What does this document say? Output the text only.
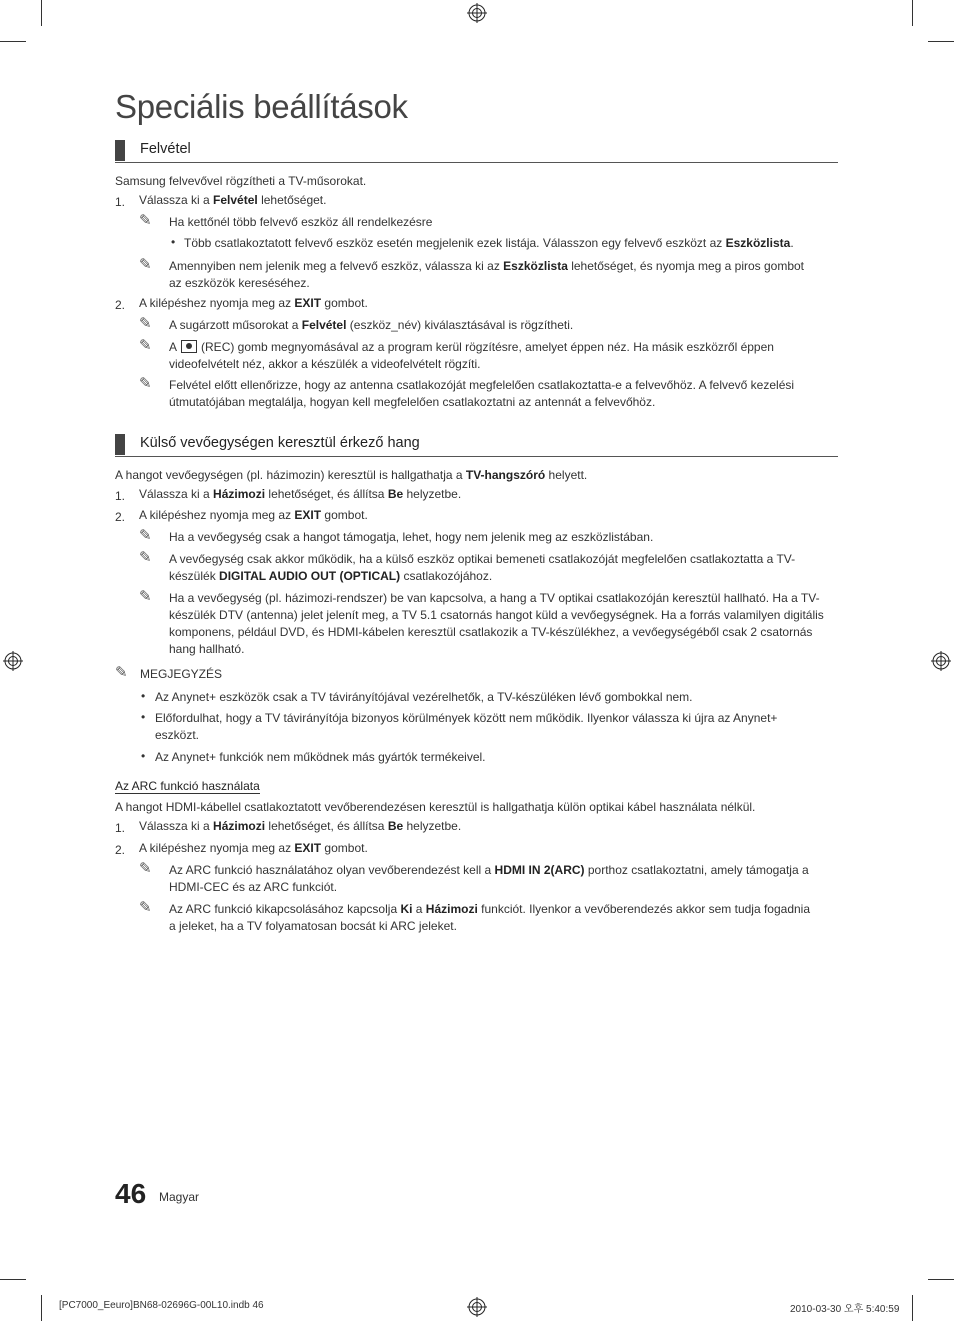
Speciális beállítások
Felvétel
Samsung felvevővel rögzítheti a TV-műsorokat.
1. Válassza ki a Felvétel lehetőséget.
✎ Ha kettőnél több felvevő eszköz áll rendelkezésre
• Több csatlakoztatott felvevő eszköz esetén megjelenik ezek listája. Válasszon egy felvevő eszközt az Eszközlista.
✎ Amennyiben nem jelenik meg a felvevő eszköz, válassza ki az Eszközlista lehetőséget, és nyomja meg a piros gombot
az eszközök kereséséhez.
2. A kilépéshez nyomja meg az EXIT gombot.
✎ A sugárzott műsorokat a Felvétel (eszköz_név) kiválasztásával is rögzítheti.
✎ A  (REC) gomb megnyomásával az a program kerül rögzítésre, amelyet éppen néz. Ha másik eszközről éppen
videofelvételt néz, akkor a készülék a videofelvételt rögzíti.
✎ Felvétel előtt ellenőrizze, hogy az antenna csatlakozóját megfelelően csatlakoztatta-e a felvevőhöz. A felvevő kezelési
útmutatójában megtalálja, hogyan kell megfelelően csatlakoztatni az antennát a felvevőhöz.
Külső vevőegységen keresztül érkező hang
A hangot vevőegységen (pl. házimozin) keresztül is hallgathatja a TV-hangszóró helyett.
1. Válassza ki a Házimozi lehetőséget, és állítsa Be helyzetbe.
2. A kilépéshez nyomja meg az EXIT gombot.
✎ Ha a vevőegység csak a hangot támogatja, lehet, hogy nem jelenik meg az eszközlistában.
✎ A vevőegység csak akkor működik, ha a külső eszköz optikai bemeneti csatlakozóját megfelelően csatlakoztatta a TV-
készülék DIGITAL AUDIO OUT (OPTICAL) csatlakozójához.
✎ Ha a vevőegység (pl. házimozi-rendszer) be van kapcsolva, a hang a TV optikai csatlakozóján keresztül hallható. Ha a TV-
készülék DTV (antenna) jelet jelenít meg, a TV 5.1 csatornás hangot küld a vevőegységnek. Ha a forrás valamilyen digitális
komponens, például DVD, és HDMI-kábelen keresztül csatlakozik a TV-készülékhez, a vevőegységéből csak 2 csatornás
hang hallható.
✎ MEGJEGYZÉS
• Az Anynet+ eszközök csak a TV távirányítójával vezérelhetők, a TV-készüléken lévő gombokkal nem.
• Előfordulhat, hogy a TV távirányítója bizonyos körülmények között nem működik. Ilyenkor válassza ki újra az Anynet+
eszközt.
• Az Anynet+ funkciók nem működnek más gyártók termékeivel.
Az ARC funkció használata
A hangot HDMI-kábellel csatlakoztatott vevőberendezésen keresztül is hallgathatja külön optikai kábel használata nélkül.
1. Válassza ki a Házimozi lehetőséget, és állítsa Be helyzetbe.
2. A kilépéshez nyomja meg az EXIT gombot.
✎ Az ARC funkció használatához olyan vevőberendezést kell a HDMI IN 2(ARC) porthoz csatlakoztatni, amely támogatja a
HDMI-CEC és az ARC funkciót.
✎ Az ARC funkció kikapcsolásához kapcsolja Ki a Házimozi funkciót. Ilyenkor a vevőberendezés akkor sem tudja fogadnia
a jeleket, ha a TV folyamatosan bocsát ki ARC jeleket.
46 Magyar
[PC7000_Eeuro]BN68-02696G-00L10.indb 46	2010-03-30 오후 5:40:59
